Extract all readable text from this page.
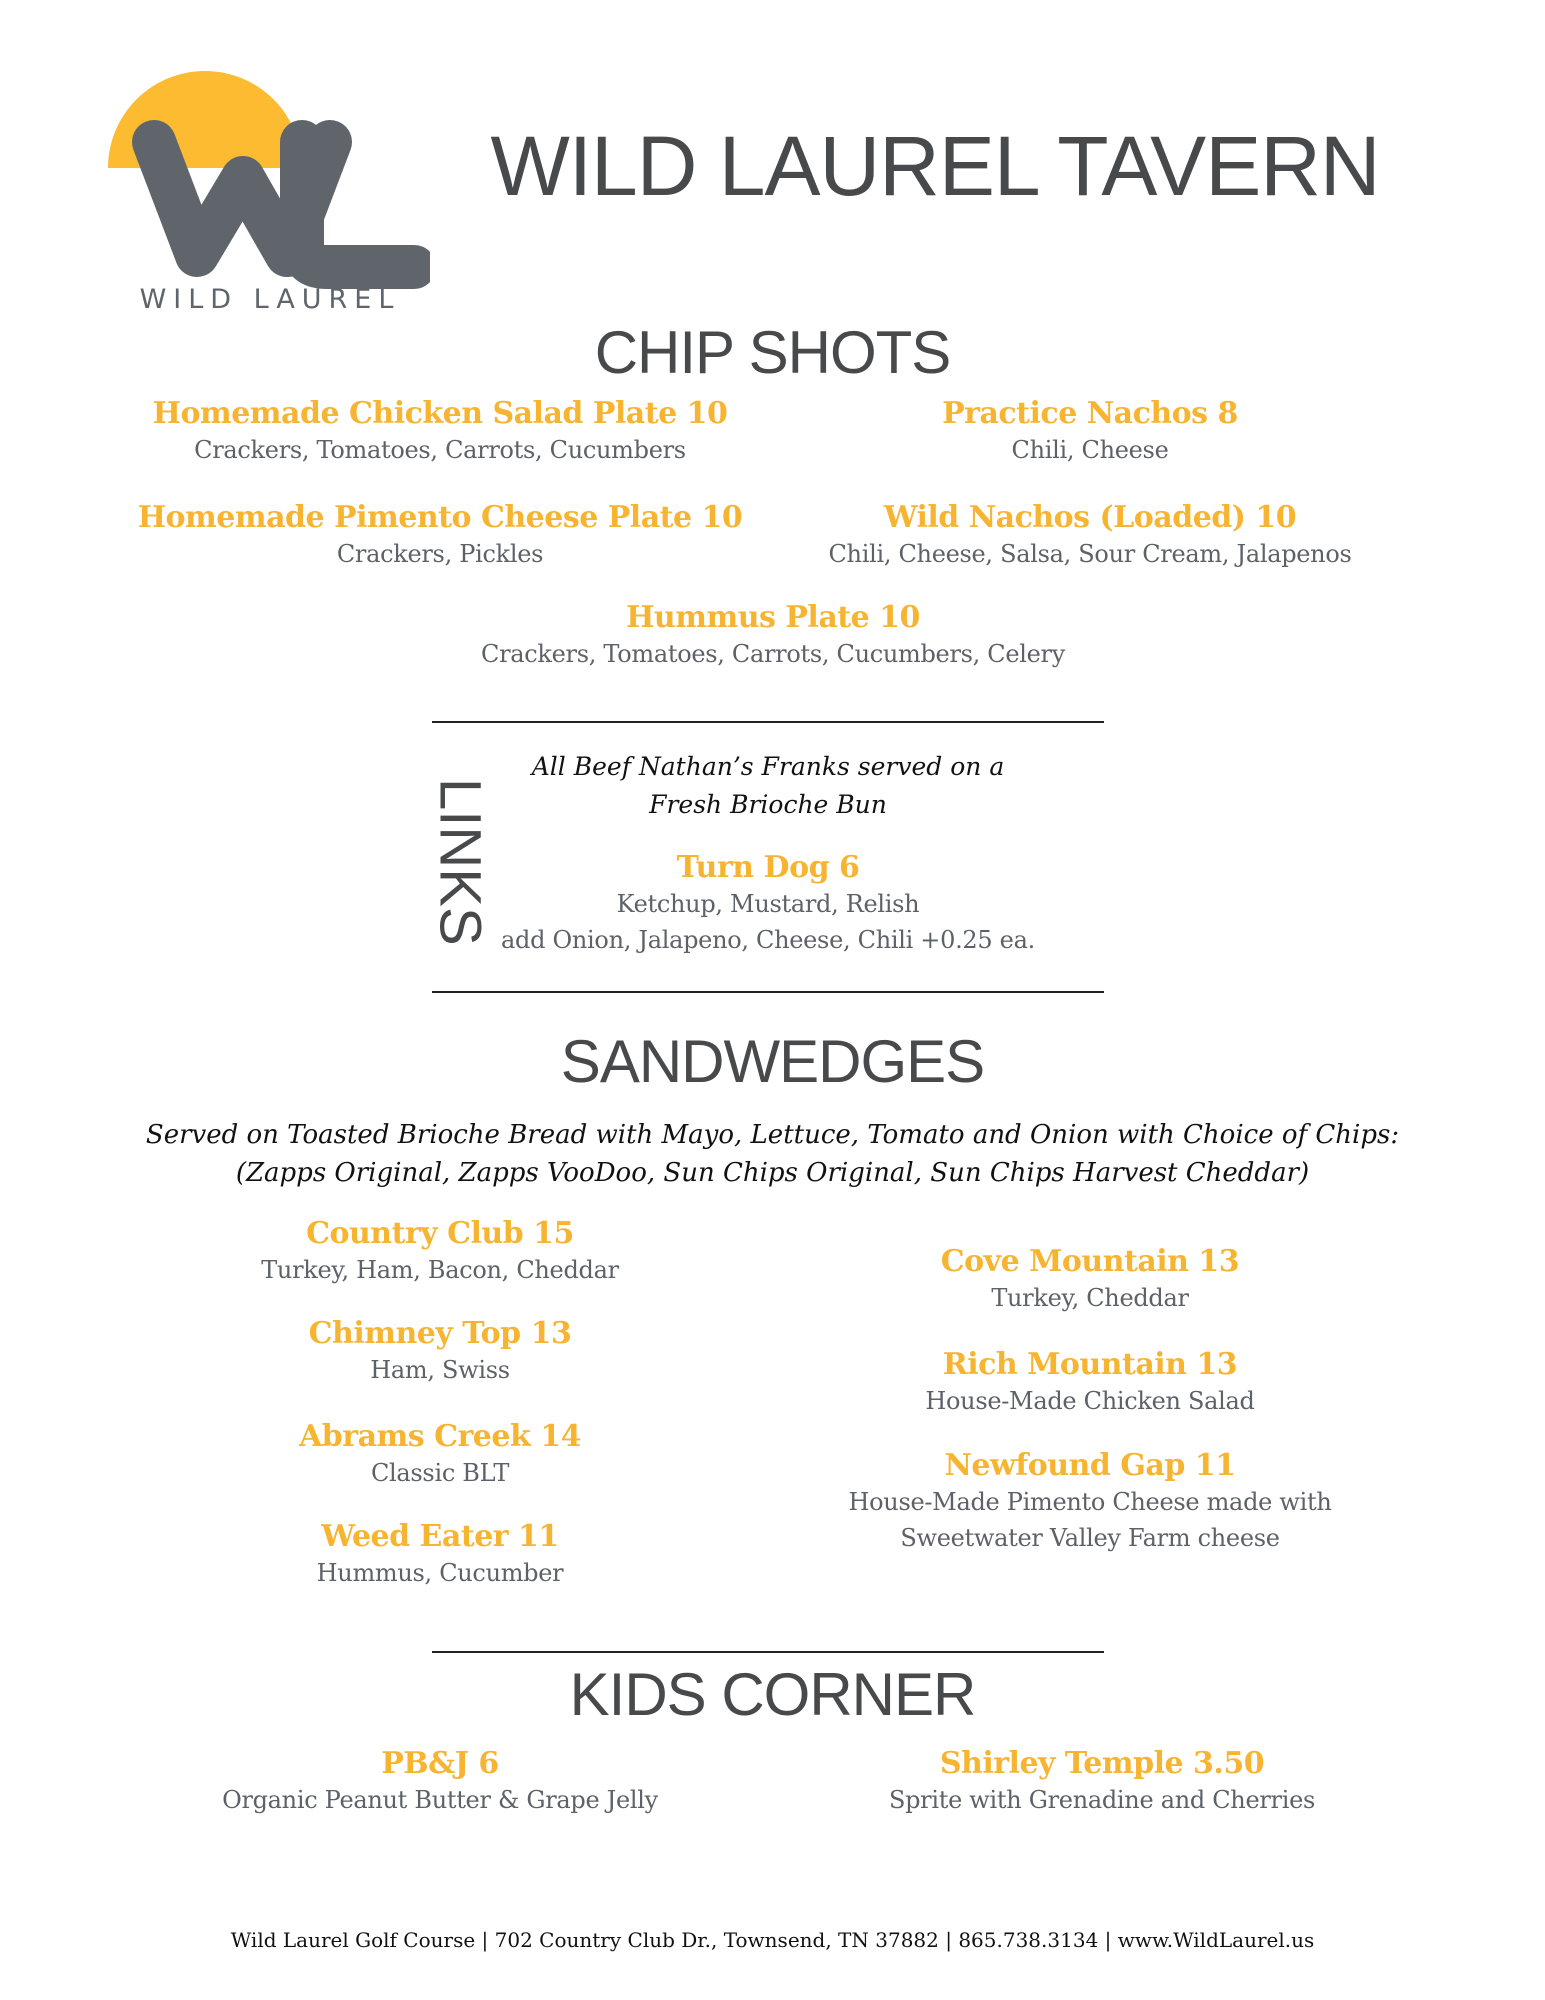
WILD LAUREL
WILD LAUREL TAVERN
CHIP SHOTS
Homemade Chicken Salad Plate 10
Crackers, Tomatoes, Carrots, Cucumbers
Practice Nachos 8
Chili, Cheese
Homemade Pimento Cheese Plate 10
Crackers, Pickles
Wild Nachos (Loaded) 10
Chili, Cheese, Salsa, Sour Cream, Jalapenos
Hummus Plate 10
Crackers, Tomatoes, Carrots, Cucumbers, Celery
LINKS
All Beef Nathan’s Franks served on a
Fresh Brioche Bun
Turn Dog 6
Ketchup, Mustard, Relish
add Onion, Jalapeno, Cheese, Chili +0.25 ea.
SANDWEDGES
Served on Toasted Brioche Bread with Mayo, Lettuce, Tomato and Onion with Choice of Chips:
(Zapps Original, Zapps VooDoo, Sun Chips Original, Sun Chips Harvest Cheddar)
Country Club 15
Turkey, Ham, Bacon, Cheddar
Chimney Top 13
Ham, Swiss
Abrams Creek 14
Classic BLT
Weed Eater 11
Hummus, Cucumber
Cove Mountain 13
Turkey, Cheddar
Rich Mountain 13
House-Made Chicken Salad
Newfound Gap 11
House-Made Pimento Cheese made with
Sweetwater Valley Farm cheese
KIDS CORNER
PB&J 6
Organic Peanut Butter & Grape Jelly
Shirley Temple 3.50
Sprite with Grenadine and Cherries
Wild Laurel Golf Course | 702 Country Club Dr., Townsend, TN 37882 | 865.738.3134 | www.WildLaurel.us
